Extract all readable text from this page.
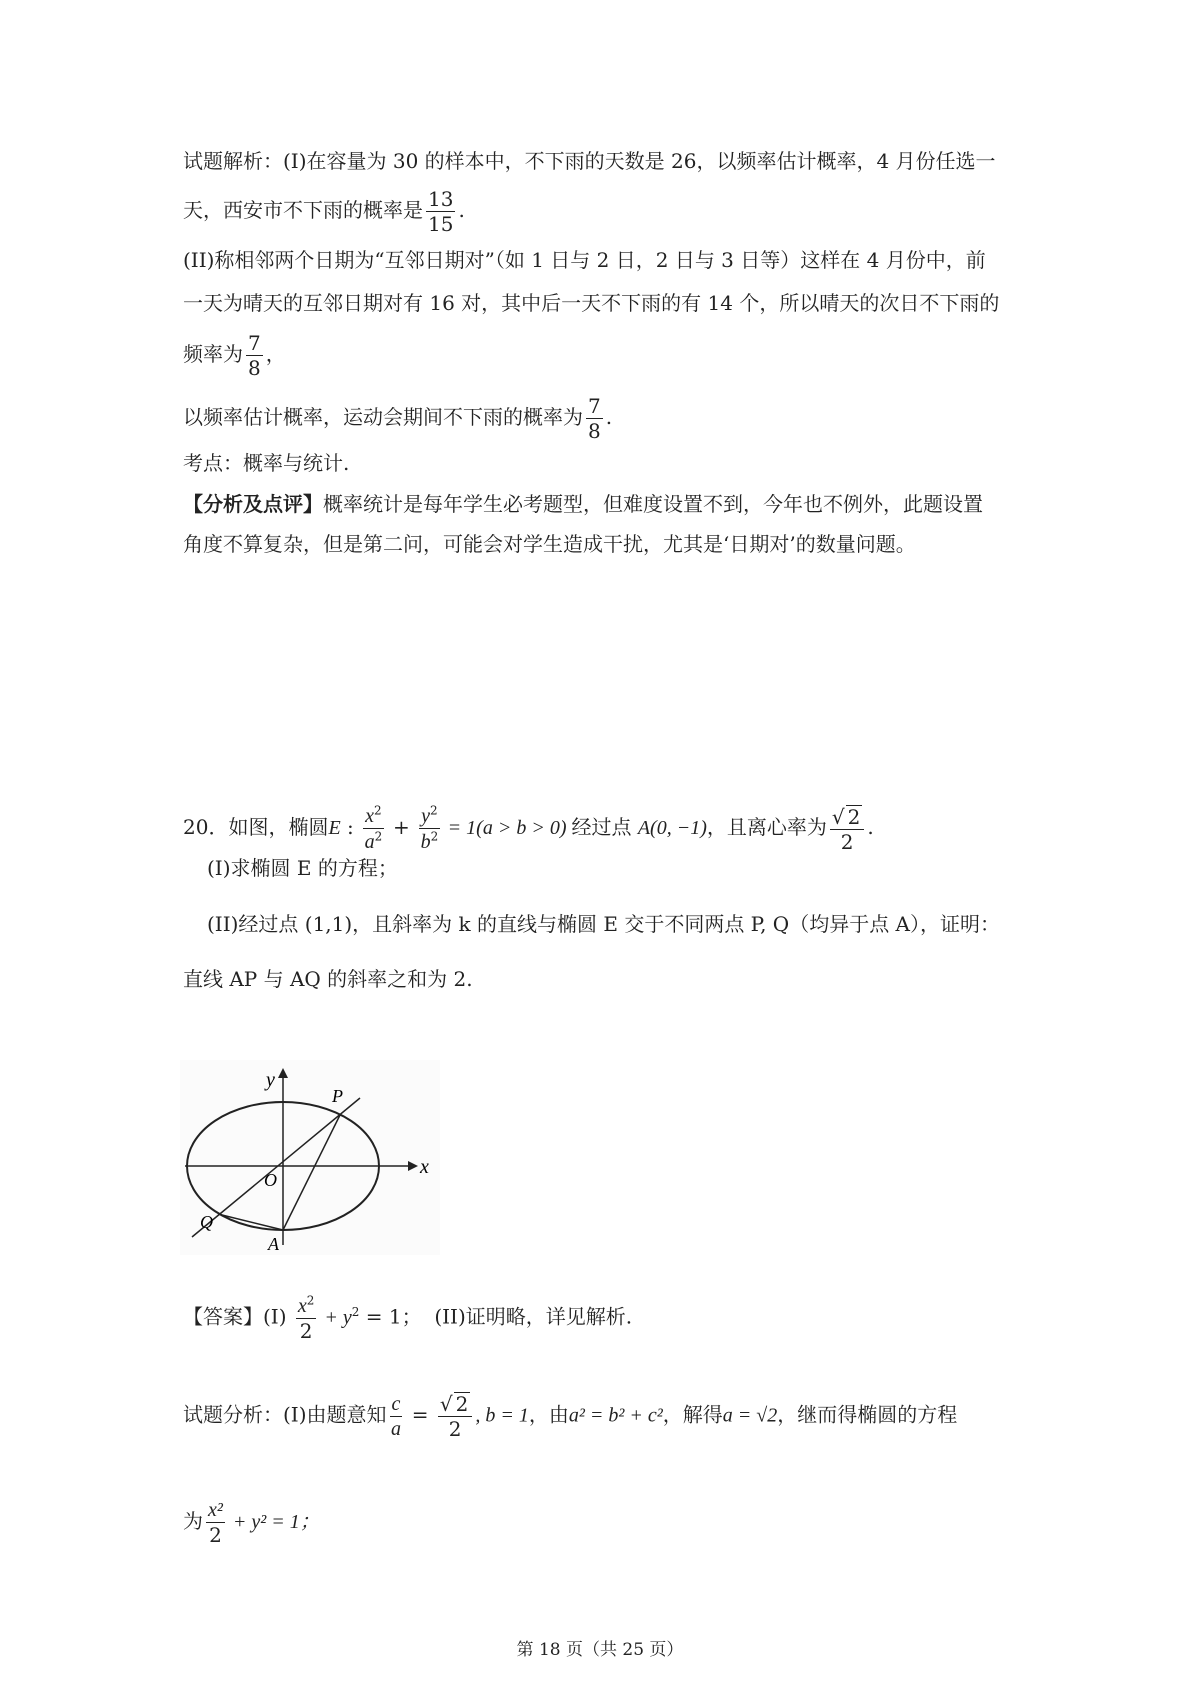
试题解析：(I)在容量为 30 的样本中，不下雨的天数是 26，以频率估计概率，4 月份任选一
天，西安市不下雨的概率是 $\frac{13}{15}$ .
(II)称相邻两个日期为“互邻日期对”（如 1 日与 2 日，2 日与 3 日等）这样在 4 月份中，前
一天为晴天的互邻日期对有 16 对，其中后一天不下雨的有 14 个，所以晴天的次日不下雨的
频率为 $\frac{7}{8}$ ，
以频率估计概率，运动会期间不下雨的概率为 $\frac{7}{8}$ .
考点：概率与统计.
【分析及点评】概率统计是每年学生必考题型，但难度设置不到，今年也不例外，此题设置
角度不算复杂，但是第二问，可能会对学生造成干扰，尤其是‘日期对’的数量问题。
20．如图，椭圆E : $\frac{x^2}{a^2} + \frac{y^2}{b^2} = 1(a > b > 0)$ 经过点 A(0, −1)，且离心率为 $\frac{√ 2}{2}$ .
(I)求椭圆 E 的方程；
(II)经过点 (1,1)，且斜率为 k 的直线与椭圆 E 交于不同两点 P, Q（均异于点 A），证明：
直线 AP 与 AQ 的斜率之和为 2.
y
x
O
P
Q
A
【答案】$(I) \frac{x^2}{2} + y^2 = 1$； (II)证明略，详见解析.
试题分析：(I)由题意知 $\frac{c}{a} = \frac{√ 2}{2}$ , b = 1，由a² = b² + c²，解得a = √2，继而得椭圆的方程
为 $\frac{\text{x²}}{2} + y^2 = 1$；
第 18 页（共 25 页）
